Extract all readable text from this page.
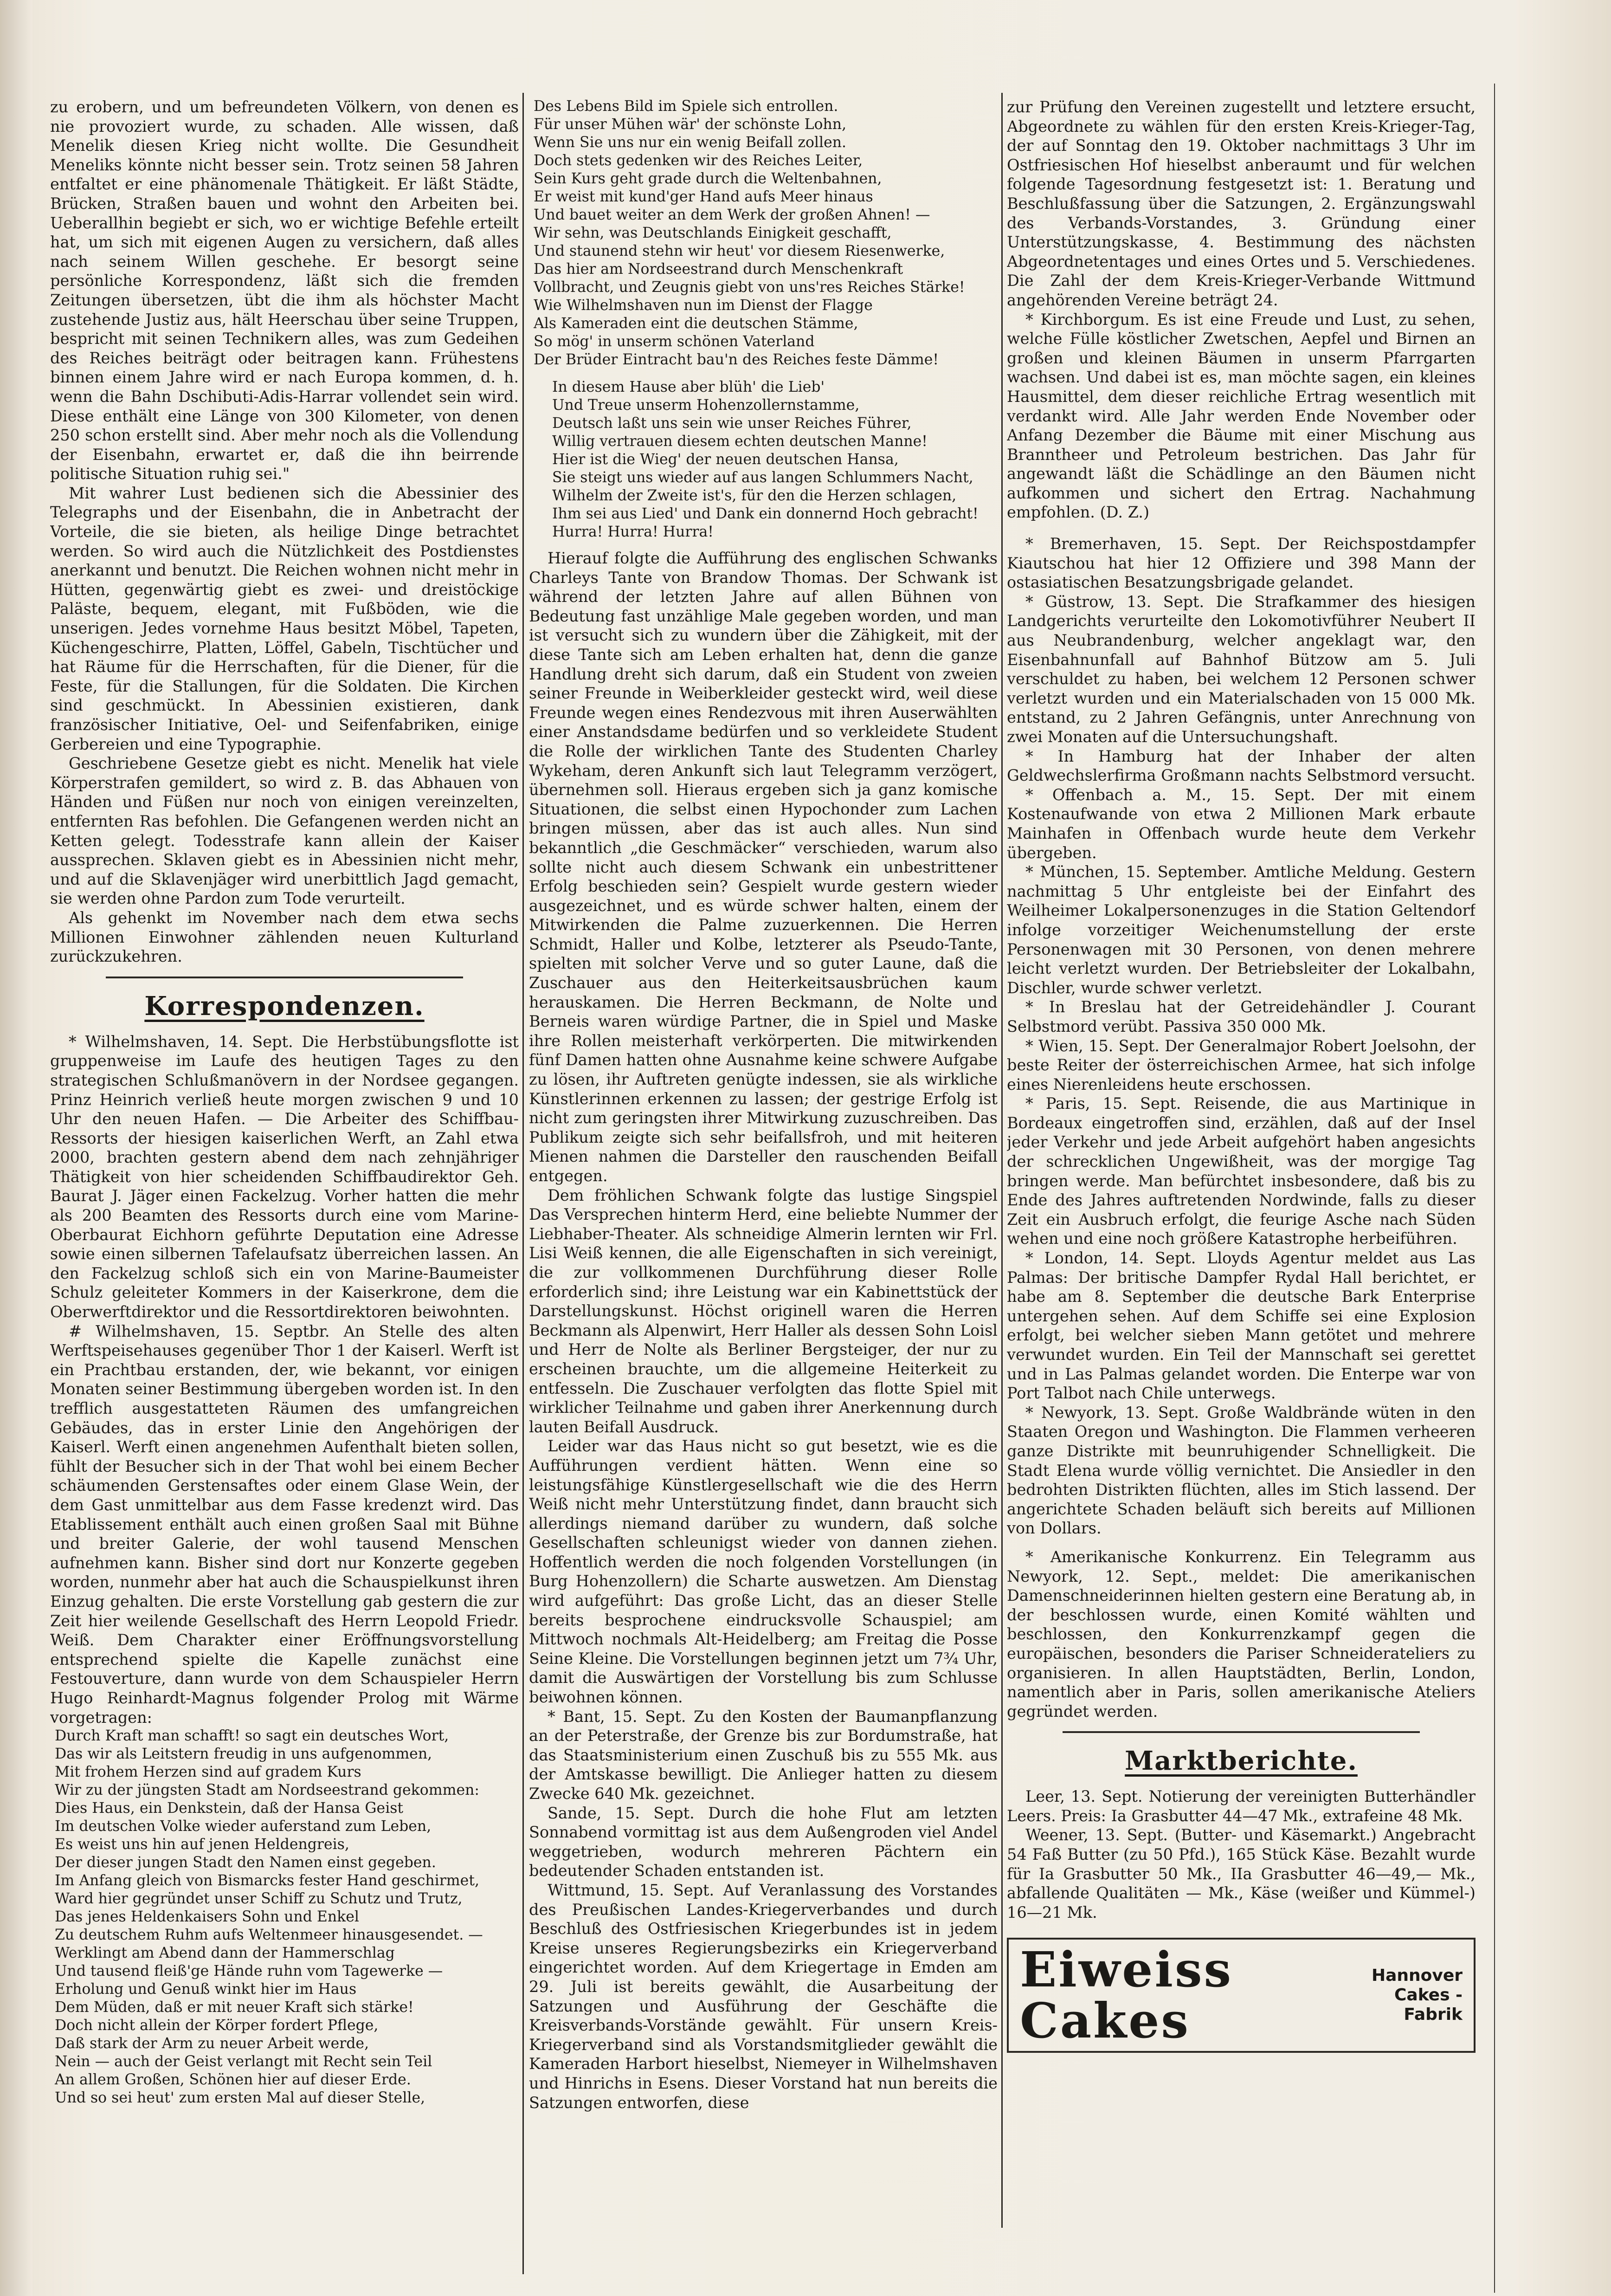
zu erobern, und um befreundeten Völkern, von denen es nie provoziert wurde, zu schaden. Alle wissen, daß Menelik diesen Krieg nicht wollte. Die Gesundheit Meneliks könnte nicht besser sein. Trotz seinen 58 Jahren entfaltet er eine phänomenale Thätigkeit. Er läßt Städte, Brücken, Straßen bauen und wohnt den Arbeiten bei. Ueberallhin begiebt er sich, wo er wichtige Befehle erteilt hat, um sich mit eigenen Augen zu versichern, daß alles nach seinem Willen geschehe. Er besorgt seine persönliche Korrespondenz, läßt sich die fremden Zeitungen übersetzen, übt die ihm als höchster Macht zustehende Justiz aus, hält Heerschau über seine Truppen, bespricht mit seinen Technikern alles, was zum Gedeihen des Reiches beiträgt oder beitragen kann. Frühestens binnen einem Jahre wird er nach Europa kommen, d. h. wenn die Bahn Dschibuti-Adis-Harrar vollendet sein wird. Diese enthält eine Länge von 300 Kilometer, von denen 250 schon erstellt sind. Aber mehr noch als die Vollendung der Eisenbahn, erwartet er, daß die ihn beirrende politische Situation ruhig sei."

Mit wahrer Lust bedienen sich die Abessinier des Telegraphs und der Eisenbahn, die in Anbetracht der Vorteile, die sie bieten, als heilige Dinge betrachtet werden. So wird auch die Nützlichkeit des Postdienstes anerkannt und benutzt. Die Reichen wohnen nicht mehr in Hütten, gegenwärtig giebt es zwei- und dreistöckige Paläste, bequem, elegant, mit Fußböden, wie die unserigen. Jedes vornehme Haus besitzt Möbel, Tapeten, Küchengeschirre, Platten, Löffel, Gabeln, Tischtücher und hat Räume für die Herrschaften, für die Diener, für die Feste, für die Stallungen, für die Soldaten. Die Kirchen sind geschmückt. In Abessinien existieren, dank französischer Initiative, Oel- und Seifenfabriken, einige Gerbereien und eine Typographie.

Geschriebene Gesetze giebt es nicht. Menelik hat viele Körperstrafen gemildert, so wird z. B. das Abhauen von Händen und Füßen nur noch von einigen vereinzelten, entfernten Ras befohlen. Die Gefangenen werden nicht an Ketten gelegt. Todesstrafe kann allein der Kaiser aussprechen. Sklaven giebt es in Abessinien nicht mehr, und auf die Sklavenjäger wird unerbittlich Jagd gemacht, sie werden ohne Pardon zum Tode verurteilt.

Als gehenkt im November nach dem etwa sechs Millionen Einwohner zählenden neuen Kulturland zurückzukehren.

Korrespondenzen.

* Wilhelmshaven, 14. Sept. Die Herbstübungsflotte ist gruppenweise im Laufe des heutigen Tages zu den strategischen Schlußmanövern in der Nordsee gegangen. Prinz Heinrich verließ heute morgen zwischen 9 und 10 Uhr den neuen Hafen. — Die Arbeiter des Schiffbau-Ressorts der hiesigen kaiserlichen Werft, an Zahl etwa 2000, brachten gestern abend dem nach zehnjähriger Thätigkeit von hier scheidenden Schiffbaudirektor Geh. Baurat J. Jäger einen Fackelzug. Vorher hatten die mehr als 200 Beamten des Ressorts durch eine vom Marine-Oberbaurat Eichhorn geführte Deputation eine Adresse sowie einen silbernen Tafelaufsatz überreichen lassen. An den Fackelzug schloß sich ein von Marine-Baumeister Schulz geleiteter Kommers in der Kaiserkrone, dem die Oberwerftdirektor und die Ressortdirektoren beiwohnten.

# Wilhelmshaven, 15. Septbr. An Stelle des alten Werftspeisehauses gegenüber Thor 1 der Kaiserl. Werft ist ein Prachtbau erstanden, der, wie bekannt, vor einigen Monaten seiner Bestimmung übergeben worden ist. In den trefflich ausgestatteten Räumen des umfangreichen Gebäudes, das in erster Linie den Angehörigen der Kaiserl. Werft einen angenehmen Aufenthalt bieten sollen, fühlt der Besucher sich in der That wohl bei einem Becher schäumenden Gerstensaftes oder einem Glase Wein, der dem Gast unmittelbar aus dem Fasse kredenzt wird. Das Etablissement enthält auch einen großen Saal mit Bühne und breiter Galerie, der wohl tausend Menschen aufnehmen kann. Bisher sind dort nur Konzerte gegeben worden, nunmehr aber hat auch die Schauspielkunst ihren Einzug gehalten. Die erste Vorstellung gab gestern die zur Zeit hier weilende Gesellschaft des Herrn Leopold Friedr. Weiß. Dem Charakter einer Eröffnungsvorstellung entsprechend spielte die Kapelle zunächst eine Festouverture, dann wurde von dem Schauspieler Herrn Hugo Reinhardt-Magnus folgender Prolog mit Wärme vorgetragen:

Durch Kraft man schafft! so sagt ein deutsches Wort,
Das wir als Leitstern freudig in uns aufgenommen,
Mit frohem Herzen sind auf gradem Kurs
Wir zu der jüngsten Stadt am Nordseestrand gekommen:
Dies Haus, ein Denkstein, daß der Hansa Geist
Im deutschen Volke wieder auferstand zum Leben,
Es weist uns hin auf jenen Heldengreis,
Der dieser jungen Stadt den Namen einst gegeben.
Im Anfang gleich von Bismarcks fester Hand geschirmet,
Ward hier gegründet unser Schiff zu Schutz und Trutz,
Das jenes Heldenkaisers Sohn und Enkel
Zu deutschem Ruhm aufs Weltenmeer hinausgesendet. —
Werklingt am Abend dann der Hammerschlag
Und tausend fleiß'ge Hände ruhn vom Tagewerke —
Erholung und Genuß winkt hier im Haus
Dem Müden, daß er mit neuer Kraft sich stärke!
Doch nicht allein der Körper fordert Pflege,
Daß stark der Arm zu neuer Arbeit werde,
Nein — auch der Geist verlangt mit Recht sein Teil
An allem Großen, Schönen hier auf dieser Erde.
Und so sei heut' zum ersten Mal auf dieser Stelle,
Des Lebens Bild im Spiele sich entrollen.
Für unser Mühen wär' der schönste Lohn,
Wenn Sie uns nur ein wenig Beifall zollen.
Doch stets gedenken wir des Reiches Leiter,
Sein Kurs geht grade durch die Weltenbahnen,
Er weist mit kund'ger Hand aufs Meer hinaus
Und bauet weiter an dem Werk der großen Ahnen! —
Wir sehn, was Deutschlands Einigkeit geschafft,
Und staunend stehn wir heut' vor diesem Riesenwerke,
Das hier am Nordseestrand durch Menschenkraft
Vollbracht, und Zeugnis giebt von uns'res Reiches Stärke!
Wie Wilhelmshaven nun im Dienst der Flagge
Als Kameraden eint die deutschen Stämme,
So mög' in unserm schönen Vaterland
Der Brüder Eintracht bau'n des Reiches feste Dämme!
In diesem Hause aber blüh' die Lieb'
Und Treue unserm Hohenzollernstamme,
Deutsch laßt uns sein wie unser Reiches Führer,
Willig vertrauen diesem echten deutschen Manne!
Hier ist die Wieg' der neuen deutschen Hansa,
Sie steigt uns wieder auf aus langen Schlummers Nacht,
Wilhelm der Zweite ist's, für den die Herzen schlagen,
Ihm sei aus Lied' und Dank ein donnernd Hoch gebracht!
Hurra! Hurra! Hurra!

Hierauf folgte die Aufführung des englischen Schwanks Charleys Tante von Brandow Thomas. Der Schwank ist während der letzten Jahre auf allen Bühnen von Bedeutung fast unzählige Male gegeben worden, und man ist versucht sich zu wundern über die Zähigkeit, mit der diese Tante sich am Leben erhalten hat, denn die ganze Handlung dreht sich darum, daß ein Student von zweien seiner Freunde in Weiberkleider gesteckt wird, weil diese Freunde wegen eines Rendezvous mit ihren Auserwählten einer Anstandsdame bedürfen und so verkleidete Student die Rolle der wirklichen Tante des Studenten Charley Wykeham, deren Ankunft sich laut Telegramm verzögert, übernehmen soll. Hieraus ergeben sich ja ganz komische Situationen, die selbst einen Hypochonder zum Lachen bringen müssen, aber das ist auch alles. Nun sind bekanntlich „die Geschmäcker“ verschieden, warum also sollte nicht auch diesem Schwank ein unbestrittener Erfolg beschieden sein? Gespielt wurde gestern wieder ausgezeichnet, und es würde schwer halten, einem der Mitwirkenden die Palme zuzuerkennen. Die Herren Schmidt, Haller und Kolbe, letzterer als Pseudo-Tante, spielten mit solcher Verve und so guter Laune, daß die Zuschauer aus den Heiterkeitsausbrüchen kaum herauskamen. Die Herren Beckmann, de Nolte und Berneis waren würdige Partner, die in Spiel und Maske ihre Rollen meisterhaft verkörperten. Die mitwirkenden fünf Damen hatten ohne Ausnahme keine schwere Aufgabe zu lösen, ihr Auftreten genügte indessen, sie als wirkliche Künstlerinnen erkennen zu lassen; der gestrige Erfolg ist nicht zum geringsten ihrer Mitwirkung zuzuschreiben. Das Publikum zeigte sich sehr beifallsfroh, und mit heiteren Mienen nahmen die Darsteller den rauschenden Beifall entgegen.

Dem fröhlichen Schwank folgte das lustige Singspiel Das Versprechen hinterm Herd, eine beliebte Nummer der Liebhaber-Theater. Als schneidige Almerin lernten wir Frl. Lisi Weiß kennen, die alle Eigenschaften in sich vereinigt, die zur vollkommenen Durchführung dieser Rolle erforderlich sind; ihre Leistung war ein Kabinettstück der Darstellungskunst. Höchst originell waren die Herren Beckmann als Alpenwirt, Herr Haller als dessen Sohn Loisl und Herr de Nolte als Berliner Bergsteiger, der nur zu erscheinen brauchte, um die allgemeine Heiterkeit zu entfesseln. Die Zuschauer verfolgten das flotte Spiel mit wirklicher Teilnahme und gaben ihrer Anerkennung durch lauten Beifall Ausdruck.

Leider war das Haus nicht so gut besetzt, wie es die Aufführungen verdient hätten. Wenn eine so leistungsfähige Künstlergesellschaft wie die des Herrn Weiß nicht mehr Unterstützung findet, dann braucht sich allerdings niemand darüber zu wundern, daß solche Gesellschaften schleunigst wieder von dannen ziehen. Hoffentlich werden die noch folgenden Vorstellungen (in Burg Hohenzollern) die Scharte auswetzen. Am Dienstag wird aufgeführt: Das große Licht, das an dieser Stelle bereits besprochene eindrucksvolle Schauspiel; am Mittwoch nochmals Alt-Heidelberg; am Freitag die Posse Seine Kleine. Die Vorstellungen beginnen jetzt um 7¾ Uhr, damit die Auswärtigen der Vorstellung bis zum Schlusse beiwohnen können.

* Bant, 15. Sept. Zu den Kosten der Baumanpflanzung an der Peterstraße, der Grenze bis zur Bordumstraße, hat das Staatsministerium einen Zuschuß bis zu 555 Mk. aus der Amtskasse bewilligt. Die Anlieger hatten zu diesem Zwecke 640 Mk. gezeichnet.

Sande, 15. Sept. Durch die hohe Flut am letzten Sonnabend vormittag ist aus dem Außengroden viel Andel weggetrieben, wodurch mehreren Pächtern ein bedeutender Schaden entstanden ist.

Wittmund, 15. Sept. Auf Veranlassung des Vorstandes des Preußischen Landes-Kriegerverbandes und durch Beschluß des Ostfriesischen Kriegerbundes ist in jedem Kreise unseres Regierungsbezirks ein Kriegerverband eingerichtet worden. Auf dem Kriegertage in Emden am 29. Juli ist bereits gewählt, die Ausarbeitung der Satzungen und Ausführung der Geschäfte die Kreisverbands-Vorstände gewählt. Für unsern Kreis-Kriegerverband sind als Vorstandsmitglieder gewählt die Kameraden Harbort hieselbst, Niemeyer in Wilhelmshaven und Hinrichs in Esens. Dieser Vorstand hat nun bereits die Satzungen entworfen, diese

zur Prüfung den Vereinen zugestellt und letztere ersucht, Abgeordnete zu wählen für den ersten Kreis-Krieger-Tag, der auf Sonntag den 19. Oktober nachmittags 3 Uhr im Ostfriesischen Hof hieselbst anberaumt und für welchen folgende Tagesordnung festgesetzt ist: 1. Beratung und Beschlußfassung über die Satzungen, 2. Ergänzungswahl des Verbands-Vorstandes, 3. Gründung einer Unterstützungskasse, 4. Bestimmung des nächsten Abgeordnetentages und eines Ortes und 5. Verschiedenes. Die Zahl der dem Kreis-Krieger-Verbande Wittmund angehörenden Vereine beträgt 24.

* Kirchborgum. Es ist eine Freude und Lust, zu sehen, welche Fülle köstlicher Zwetschen, Aepfel und Birnen an großen und kleinen Bäumen in unserm Pfarrgarten wachsen. Und dabei ist es, man möchte sagen, ein kleines Hausmittel, dem dieser reichliche Ertrag wesentlich mit verdankt wird. Alle Jahr werden Ende November oder Anfang Dezember die Bäume mit einer Mischung aus Branntheer und Petroleum bestrichen. Das Jahr für angewandt läßt die Schädlinge an den Bäumen nicht aufkommen und sichert den Ertrag. Nachahmung empfohlen. (D. Z.)

* Bremerhaven, 15. Sept. Der Reichspostdampfer Kiautschou hat hier 12 Offiziere und 398 Mann der ostasiatischen Besatzungsbrigade gelandet.

* Güstrow, 13. Sept. Die Strafkammer des hiesigen Landgerichts verurteilte den Lokomotivführer Neubert II aus Neubrandenburg, welcher angeklagt war, den Eisenbahnunfall auf Bahnhof Bützow am 5. Juli verschuldet zu haben, bei welchem 12 Personen schwer verletzt wurden und ein Materialschaden von 15 000 Mk. entstand, zu 2 Jahren Gefängnis, unter Anrechnung von zwei Monaten auf die Untersuchungshaft.

* In Hamburg hat der Inhaber der alten Geldwechslerfirma Großmann nachts Selbstmord versucht.

* Offenbach a. M., 15. Sept. Der mit einem Kostenaufwande von etwa 2 Millionen Mark erbaute Mainhafen in Offenbach wurde heute dem Verkehr übergeben.

* München, 15. September. Amtliche Meldung. Gestern nachmittag 5 Uhr entgleiste bei der Einfahrt des Weilheimer Lokalpersonenzuges in die Station Geltendorf infolge vorzeitiger Weichenumstellung der erste Personenwagen mit 30 Personen, von denen mehrere leicht verletzt wurden. Der Betriebsleiter der Lokalbahn, Dischler, wurde schwer verletzt.

* In Breslau hat der Getreidehändler J. Courant Selbstmord verübt. Passiva 350 000 Mk.

* Wien, 15. Sept. Der Generalmajor Robert Joelsohn, der beste Reiter der österreichischen Armee, hat sich infolge eines Nierenleidens heute erschossen.

* Paris, 15. Sept. Reisende, die aus Martinique in Bordeaux eingetroffen sind, erzählen, daß auf der Insel jeder Verkehr und jede Arbeit aufgehört haben angesichts der schrecklichen Ungewißheit, was der morgige Tag bringen werde. Man befürchtet insbesondere, daß bis zu Ende des Jahres auftretenden Nordwinde, falls zu dieser Zeit ein Ausbruch erfolgt, die feurige Asche nach Süden wehen und eine noch größere Katastrophe herbeiführen.

* London, 14. Sept. Lloyds Agentur meldet aus Las Palmas: Der britische Dampfer Rydal Hall berichtet, er habe am 8. September die deutsche Bark Enterprise untergehen sehen. Auf dem Schiffe sei eine Explosion erfolgt, bei welcher sieben Mann getötet und mehrere verwundet wurden. Ein Teil der Mannschaft sei gerettet und in Las Palmas gelandet worden. Die Enterpe war von Port Talbot nach Chile unterwegs.

* Newyork, 13. Sept. Große Waldbrände wüten in den Staaten Oregon und Washington. Die Flammen verheeren ganze Distrikte mit beunruhigender Schnelligkeit. Die Stadt Elena wurde völlig vernichtet. Die Ansiedler in den bedrohten Distrikten flüchten, alles im Stich lassend. Der angerichtete Schaden beläuft sich bereits auf Millionen von Dollars.

* Amerikanische Konkurrenz. Ein Telegramm aus Newyork, 12. Sept., meldet: Die amerikanischen Damenschneiderinnen hielten gestern eine Beratung ab, in der beschlossen wurde, einen Komité wählten und beschlossen, den Konkurrenzkampf gegen die europäischen, besonders die Pariser Schneiderateliers zu organisieren. In allen Hauptstädten, Berlin, London, namentlich aber in Paris, sollen amerikanische Ateliers gegründet werden.

Marktberichte.

Leer, 13. Sept. Notierung der vereinigten Butterhändler Leers. Preis: Ia Grasbutter 44—47 Mk., extrafeine 48 Mk.

Weener, 13. Sept. (Butter- und Käsemarkt.) Angebracht 54 Faß Butter (zu 50 Pfd.), 165 Stück Käse. Bezahlt wurde für Ia Grasbutter 50 Mk., IIa Grasbutter 46—49,— Mk., abfallende Qualitäten — Mk., Käse (weißer und Kümmel-) 16—21 Mk.

Eiweiss Cakes
Hannover
Cakes - Fabrik
